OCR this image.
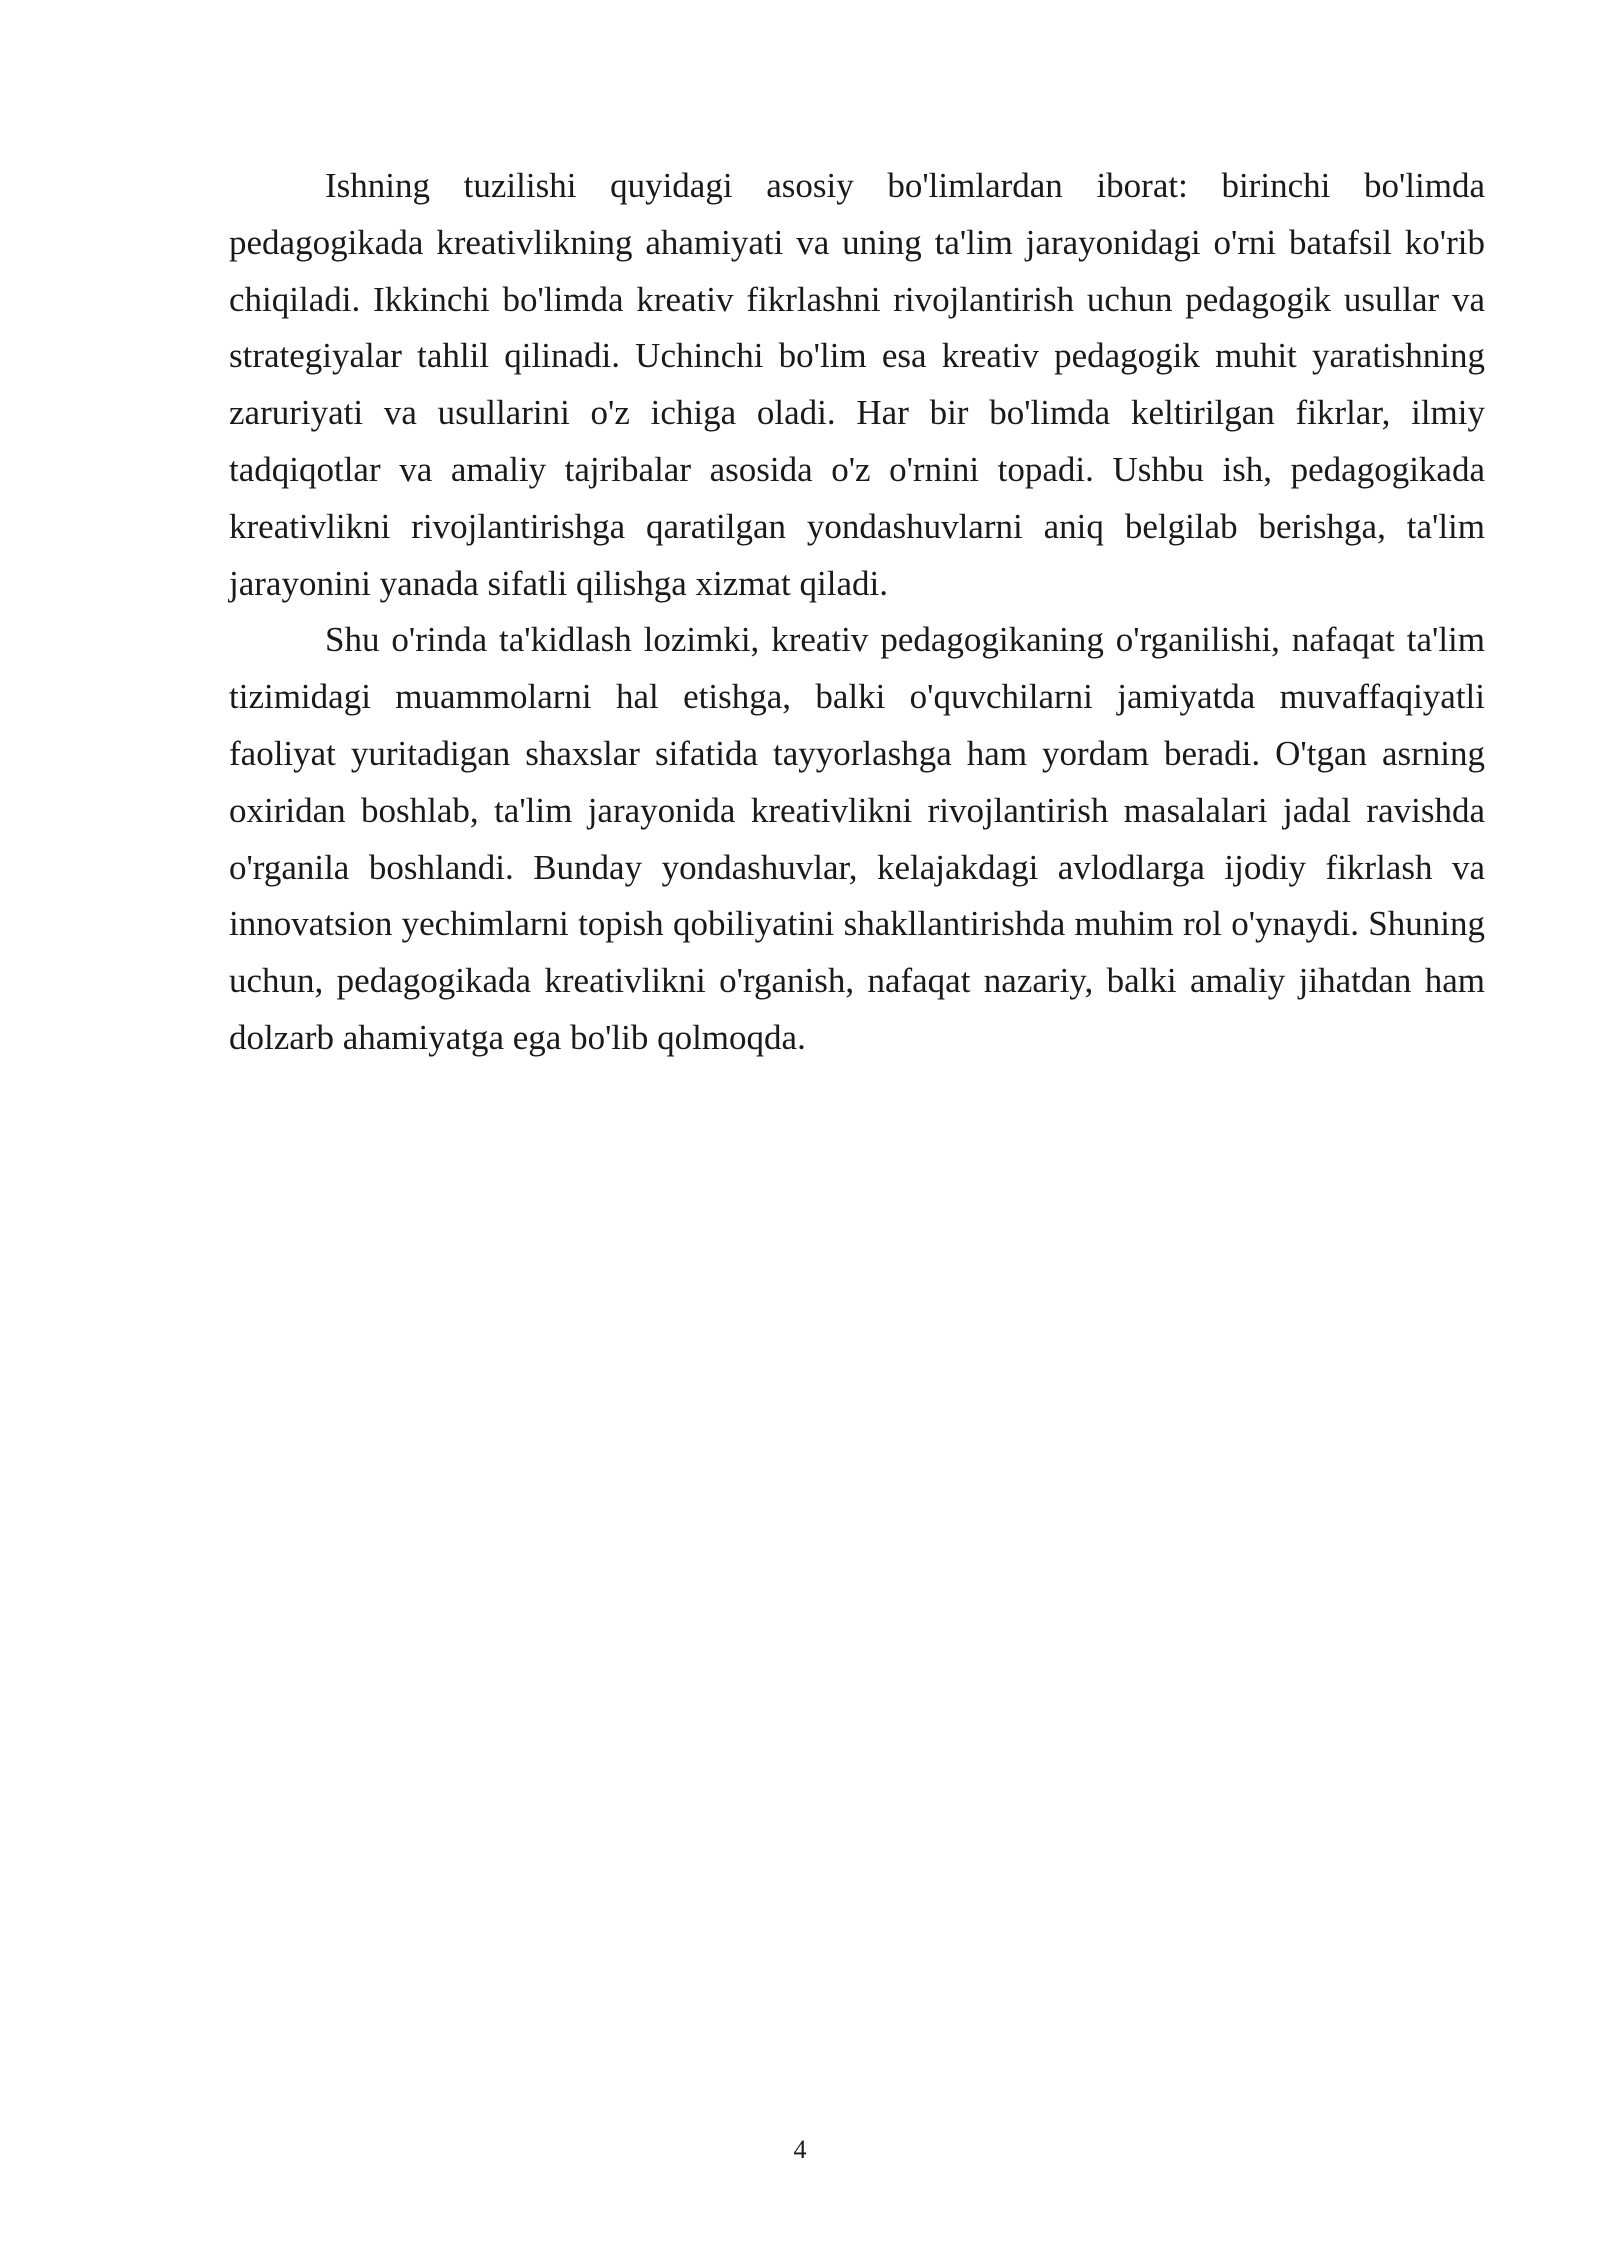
Ishning tuzilishi quyidagi asosiy bo'limlardan iborat: birinchi bo'limda pedagogikada kreativlikning ahamiyati va uning ta'lim jarayonidagi o'rni batafsil ko'rib chiqiladi. Ikkinchi bo'limda kreativ fikrlashni rivojlantirish uchun pedagogik usullar va strategiyalar tahlil qilinadi. Uchinchi bo'lim esa kreativ pedagogik muhit yaratishning zaruriyati va usullarini o'z ichiga oladi. Har bir bo'limda keltirilgan fikrlar, ilmiy tadqiqotlar va amaliy tajribalar asosida o'z o'rnini topadi. Ushbu ish, pedagogikada kreativlikni rivojlantirishga qaratilgan yondashuvlarni aniq belgilab berishga, ta'lim jarayonini yanada sifatli qilishga xizmat qiladi.

Shu o'rinda ta'kidlash lozimki, kreativ pedagogikaning o'rganilishi, nafaqat ta'lim tizimidagi muammolarni hal etishga, balki o'quvchilarni jamiyatda muvaffaqiyatli faoliyat yuritadigan shaxslar sifatida tayyorlashga ham yordam beradi. O'tgan asrning oxiridan boshlab, ta'lim jarayonida kreativlikni rivojlantirish masalalari jadal ravishda o'rganila boshlandi. Bunday yondashuvlar, kelajakdagi avlodlarga ijodiy fikrlash va innovatsion yechimlarni topish qobiliyatini shakllantirishda muhim rol o'ynaydi. Shuning uchun, pedagogikada kreativlikni o'rganish, nafaqat nazariy, balki amaliy jihatdan ham dolzarb ahamiyatga ega bo'lib qolmoqda.

4
